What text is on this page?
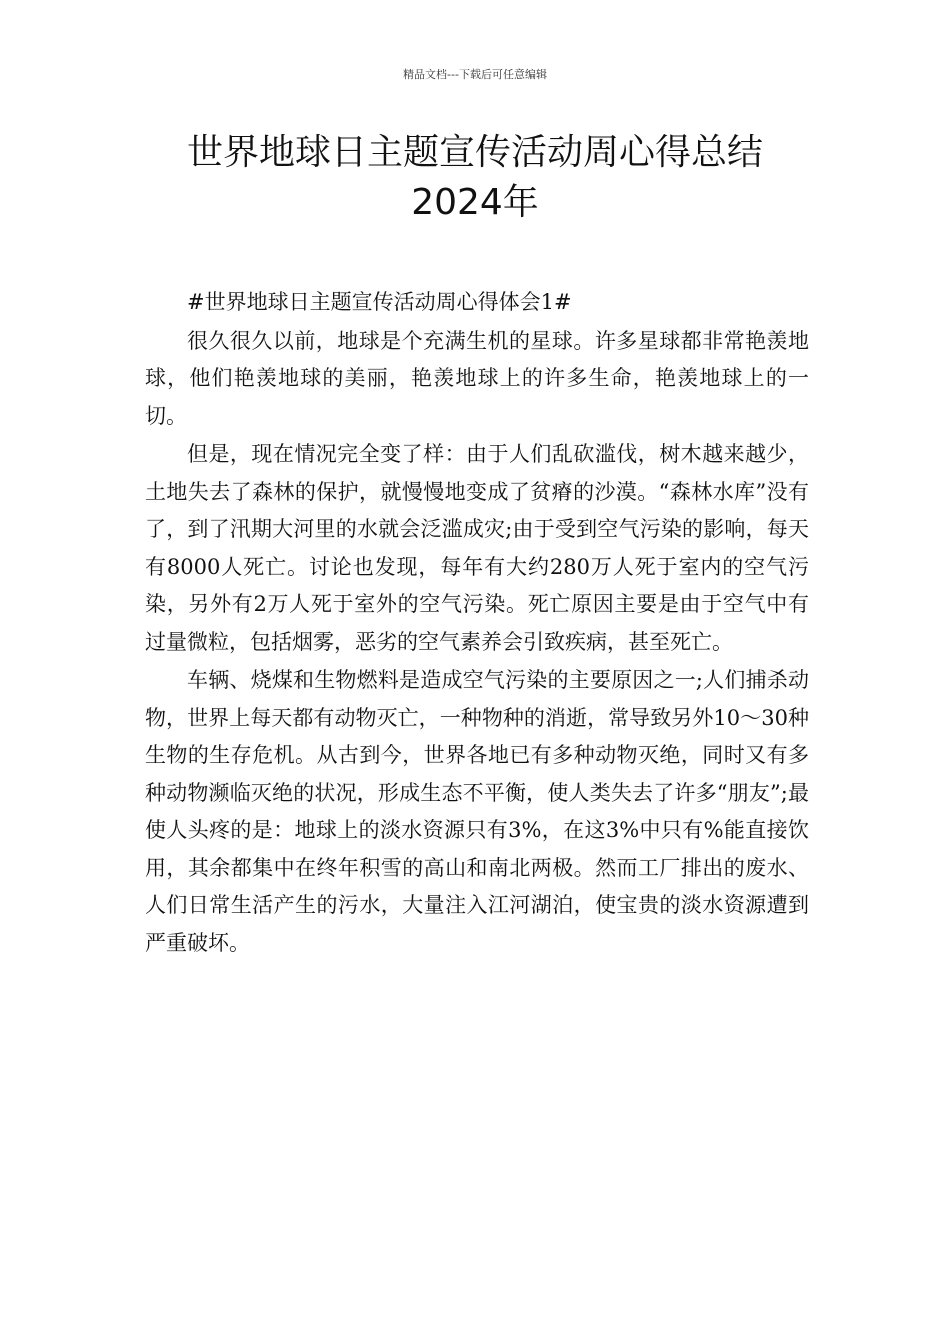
精品文档---下载后可任意编辑
世界地球日主题宣传活动周心得总结
2024年

#世界地球日主题宣传活动周心得体会1#

很久很久以前，地球是个充满生机的星球。许多星球都非常艳羡地球，他们艳羡地球的美丽，艳羡地球上的许多生命，艳羡地球上的一切。

但是，现在情况完全变了样：由于人们乱砍滥伐，树木越来越少，土地失去了森林的保护，就慢慢地变成了贫瘠的沙漠。“森林水库”没有了，到了汛期大河里的水就会泛滥成灾;由于受到空气污染的影响，每天有8000人死亡。讨论也发现，每年有大约280万人死于室内的空气污染，另外有2万人死于室外的空气污染。死亡原因主要是由于空气中有过量微粒，包括烟雾，恶劣的空气素养会引致疾病，甚至死亡。

车辆、烧煤和生物燃料是造成空气污染的主要原因之一;人们捕杀动物，世界上每天都有动物灭亡，一种物种的消逝，常导致另外10～30种生物的生存危机。从古到今，世界各地已有多种动物灭绝，同时又有多种动物濒临灭绝的状况，形成生态不平衡，使人类失去了许多“朋友”;最使人头疼的是：地球上的淡水资源只有3%，在这3%中只有%能直接饮用，其余都集中在终年积雪的高山和南北两极。然而工厂排出的废水、人们日常生活产生的污水，大量注入江河湖泊，使宝贵的淡水资源遭到严重破坏。
